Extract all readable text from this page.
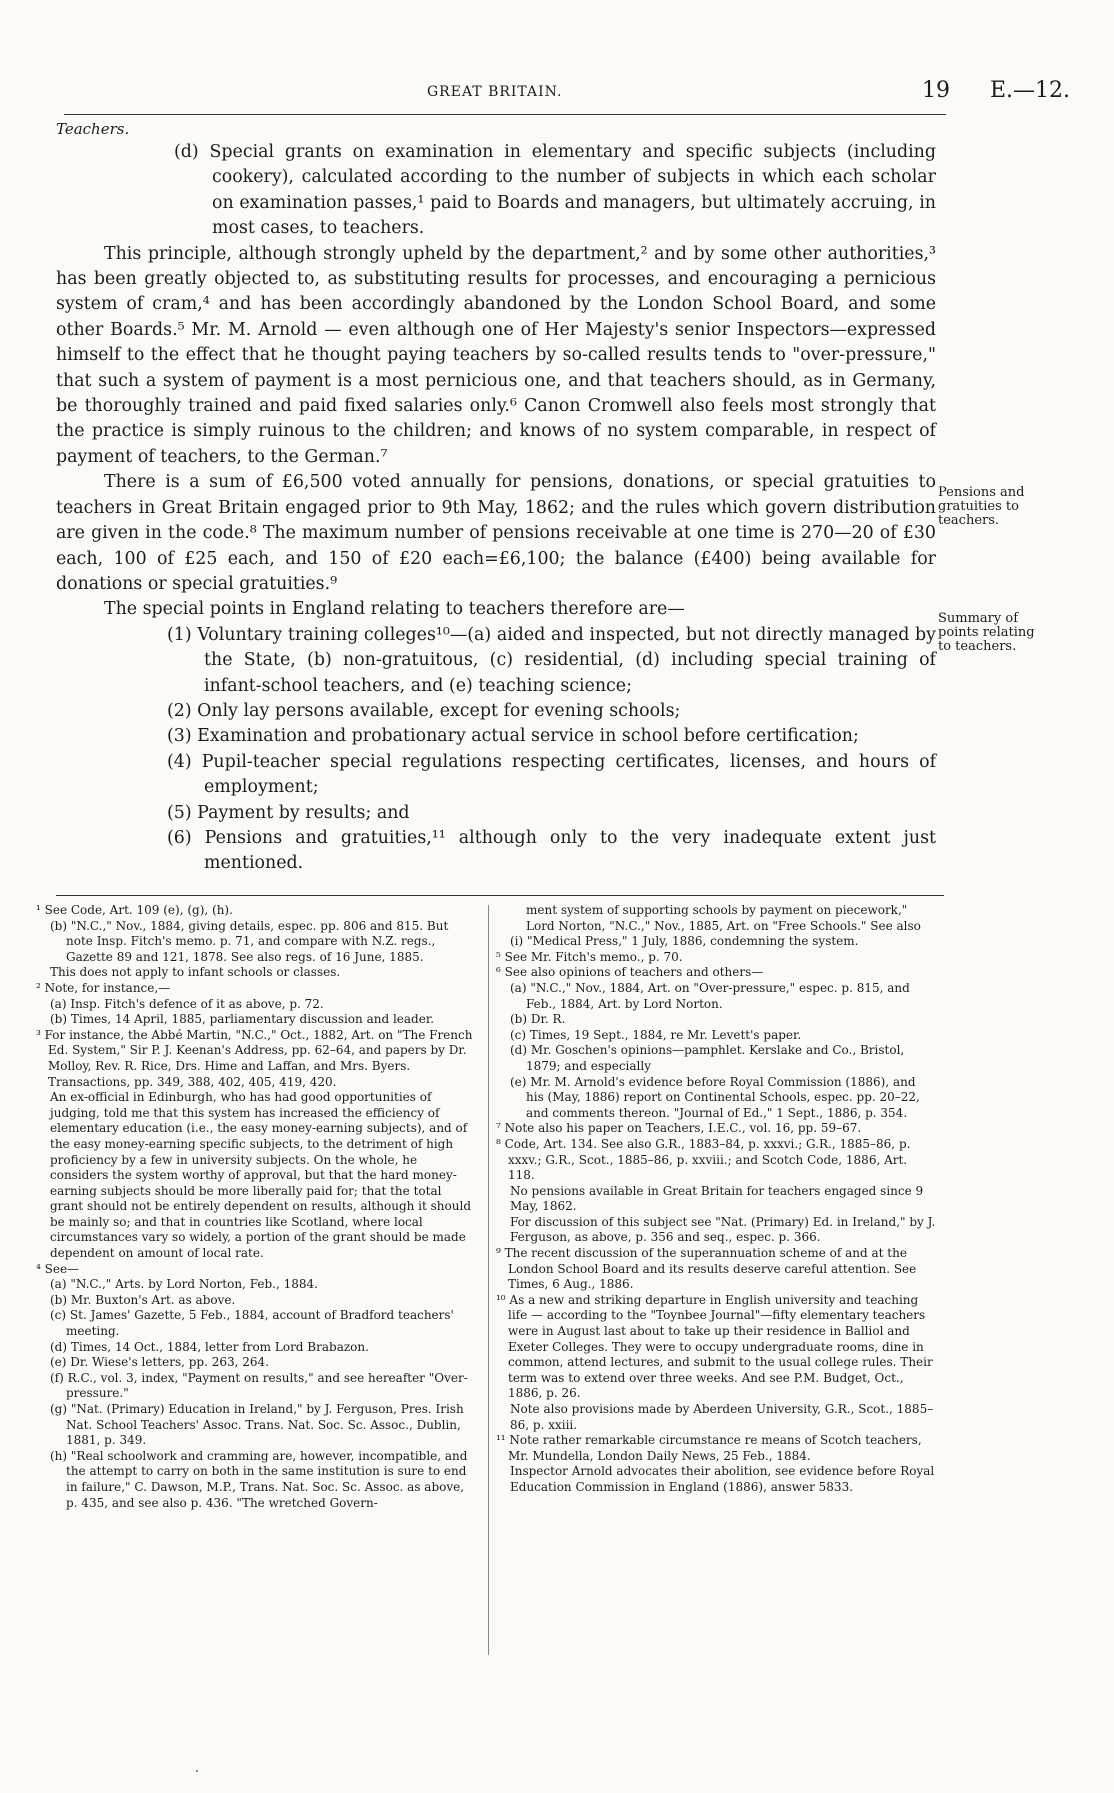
GREAT BRITAIN.	19 E.—12.

Teachers.

(d) Special grants on examination in elementary and specific subjects (including cookery), calculated according to the number of subjects in which each scholar on examination passes,¹ paid to Boards and managers, but ultimately accruing, in most cases, to teachers.

This principle, although strongly upheld by the department,² and by some other authorities,³ has been greatly objected to, as substituting results for processes, and encouraging a pernicious system of cram,⁴ and has been accordingly abandoned by the London School Board, and some other Boards.⁵ Mr. M. Arnold — even although one of Her Majesty's senior Inspectors—expressed himself to the effect that he thought paying teachers by so-called results tends to "over-pressure," that such a system of payment is a most pernicious one, and that teachers should, as in Germany, be thoroughly trained and paid fixed salaries only.⁶ Canon Cromwell also feels most strongly that the practice is simply ruinous to the children; and knows of no system comparable, in respect of payment of teachers, to the German.⁷

There is a sum of £6,500 voted annually for pensions, donations, or special gratuities to teachers in Great Britain engaged prior to 9th May, 1862; and the rules which govern distribution are given in the code.⁸ The maximum number of pensions receivable at one time is 270—20 of £30 each, 100 of £25 each, and 150 of £20 each=£6,100; the balance (£400) being available for donations or special gratuities.⁹

The special points in England relating to teachers therefore are—

(1) Voluntary training colleges¹⁰—(a) aided and inspected, but not directly managed by the State, (b) non-gratuitous, (c) residential, (d) including special training of infant-school teachers, and (e) teaching science;

(2) Only lay persons available, except for evening schools;

(3) Examination and probationary actual service in school before certification;

(4) Pupil-teacher special regulations respecting certificates, licenses, and hours of employment;

(5) Payment by results; and

(6) Pensions and gratuities,¹¹ although only to the very inadequate extent just mentioned.

Pensions and
gratuities to
teachers.
Summary of
points relating
to teachers.

¹ See Code, Art. 109 (e), (g), (h).

(b) "N.C.," Nov., 1884, giving details, espec. pp. 806 and 815. But note Insp. Fitch's memo. p. 71, and compare with N.Z. regs., Gazette 89 and 121, 1878. See also regs. of 16 June, 1885.

This does not apply to infant schools or classes.

² Note, for instance,—

(a) Insp. Fitch's defence of it as above, p. 72.

(b) Times, 14 April, 1885, parliamentary discussion and leader.

³ For instance, the Abbé Martin, "N.C.," Oct., 1882, Art. on "The French Ed. System," Sir P. J. Keenan's Address, pp. 62–64, and papers by Dr. Molloy, Rev. R. Rice, Drs. Hime and Laffan, and Mrs. Byers. Transactions, pp. 349, 388, 402, 405, 419, 420.

An ex-official in Edinburgh, who has had good opportunities of judging, told me that this system has increased the efficiency of elementary education (i.e., the easy money-earning subjects), and of the easy money-earning specific subjects, to the detriment of high proficiency by a few in university subjects. On the whole, he considers the system worthy of approval, but that the hard money-earning subjects should be more liberally paid for; that the total grant should not be entirely dependent on results, although it should be mainly so; and that in countries like Scotland, where local circumstances vary so widely, a portion of the grant should be made dependent on amount of local rate.

⁴ See—

(a) "N.C.," Arts. by Lord Norton, Feb., 1884.

(b) Mr. Buxton's Art. as above.

(c) St. James' Gazette, 5 Feb., 1884, account of Bradford teachers' meeting.

(d) Times, 14 Oct., 1884, letter from Lord Brabazon.

(e) Dr. Wiese's letters, pp. 263, 264.

(f) R.C., vol. 3, index, "Payment on results," and see hereafter "Over-pressure."

(g) "Nat. (Primary) Education in Ireland," by J. Ferguson, Pres. Irish Nat. School Teachers' Assoc. Trans. Nat. Soc. Sc. Assoc., Dublin, 1881, p. 349.

(h) "Real schoolwork and cramming are, however, incompatible, and the attempt to carry on both in the same institution is sure to end in failure," C. Dawson, M.P., Trans. Nat. Soc. Sc. Assoc. as above, p. 435, and see also p. 436. "The wretched Govern-

ment system of supporting schools by payment on piecework," Lord Norton, "N.C.," Nov., 1885, Art. on "Free Schools." See also

(i) "Medical Press," 1 July, 1886, condemning the system.

⁵ See Mr. Fitch's memo., p. 70.

⁶ See also opinions of teachers and others—

(a) "N.C.," Nov., 1884, Art. on "Over-pressure," espec. p. 815, and Feb., 1884, Art. by Lord Norton.

(b) Dr. R.

(c) Times, 19 Sept., 1884, re Mr. Levett's paper.

(d) Mr. Goschen's opinions—pamphlet. Kerslake and Co., Bristol, 1879; and especially

(e) Mr. M. Arnold's evidence before Royal Commission (1886), and his (May, 1886) report on Continental Schools, espec. pp. 20–22, and comments thereon. "Journal of Ed.," 1 Sept., 1886, p. 354.

⁷ Note also his paper on Teachers, I.E.C., vol. 16, pp. 59–67.

⁸ Code, Art. 134. See also G.R., 1883–84, p. xxxvi.; G.R., 1885–86, p. xxxv.; G.R., Scot., 1885–86, p. xxviii.; and Scotch Code, 1886, Art. 118.

No pensions available in Great Britain for teachers engaged since 9 May, 1862.

For discussion of this subject see "Nat. (Primary) Ed. in Ireland," by J. Ferguson, as above, p. 356 and seq., espec. p. 366.

⁹ The recent discussion of the superannuation scheme of and at the London School Board and its results deserve careful attention. See Times, 6 Aug., 1886.

¹⁰ As a new and striking departure in English university and teaching life — according to the "Toynbee Journal"—fifty elementary teachers were in August last about to take up their residence in Balliol and Exeter Colleges. They were to occupy undergraduate rooms, dine in common, attend lectures, and submit to the usual college rules. Their term was to extend over three weeks. And see P.M. Budget, Oct., 1886, p. 26.

Note also provisions made by Aberdeen University, G.R., Scot., 1885–86, p. xxiii.

¹¹ Note rather remarkable circumstance re means of Scotch teachers, Mr. Mundella, London Daily News, 25 Feb., 1884.

Inspector Arnold advocates their abolition, see evidence before Royal Education Commission in England (1886), answer 5833.
